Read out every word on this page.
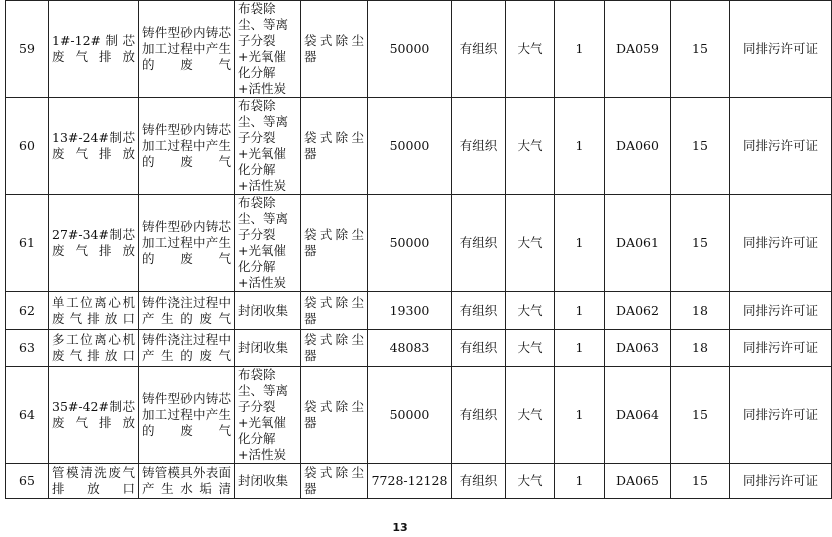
59	1#-12#制芯废气排放	铸件型砂内铸芯加工过程中产生的废气	布袋除尘、等离子分裂+光氧催化分解+活性炭	袋式除尘器	50000	有组织	大气	1	DA059	15	同排污许可证
60	13#-24#制芯废气排放	铸件型砂内铸芯加工过程中产生的废气	布袋除尘、等离子分裂+光氧催化分解+活性炭	袋式除尘器	50000	有组织	大气	1	DA060	15	同排污许可证
61	27#-34#制芯废气排放	铸件型砂内铸芯加工过程中产生的废气	布袋除尘、等离子分裂+光氧催化分解+活性炭	袋式除尘器	50000	有组织	大气	1	DA061	15	同排污许可证
62	单工位离心机废气排放口	铸件浇注过程中产生的废气	封闭收集	袋式除尘器	19300	有组织	大气	1	DA062	18	同排污许可证
63	多工位离心机废气排放口	铸件浇注过程中产生的废气	封闭收集	袋式除尘器	48083	有组织	大气	1	DA063	18	同排污许可证
64	35#-42#制芯废气排放	铸件型砂内铸芯加工过程中产生的废气	布袋除尘、等离子分裂+光氧催化分解+活性炭	袋式除尘器	50000	有组织	大气	1	DA064	15	同排污许可证
65	管模清洗废气排放口	铸管模具外表面产生水垢清	封闭收集	袋式除尘器	7728-12128	有组织	大气	1	DA065	15	同排污许可证
13
